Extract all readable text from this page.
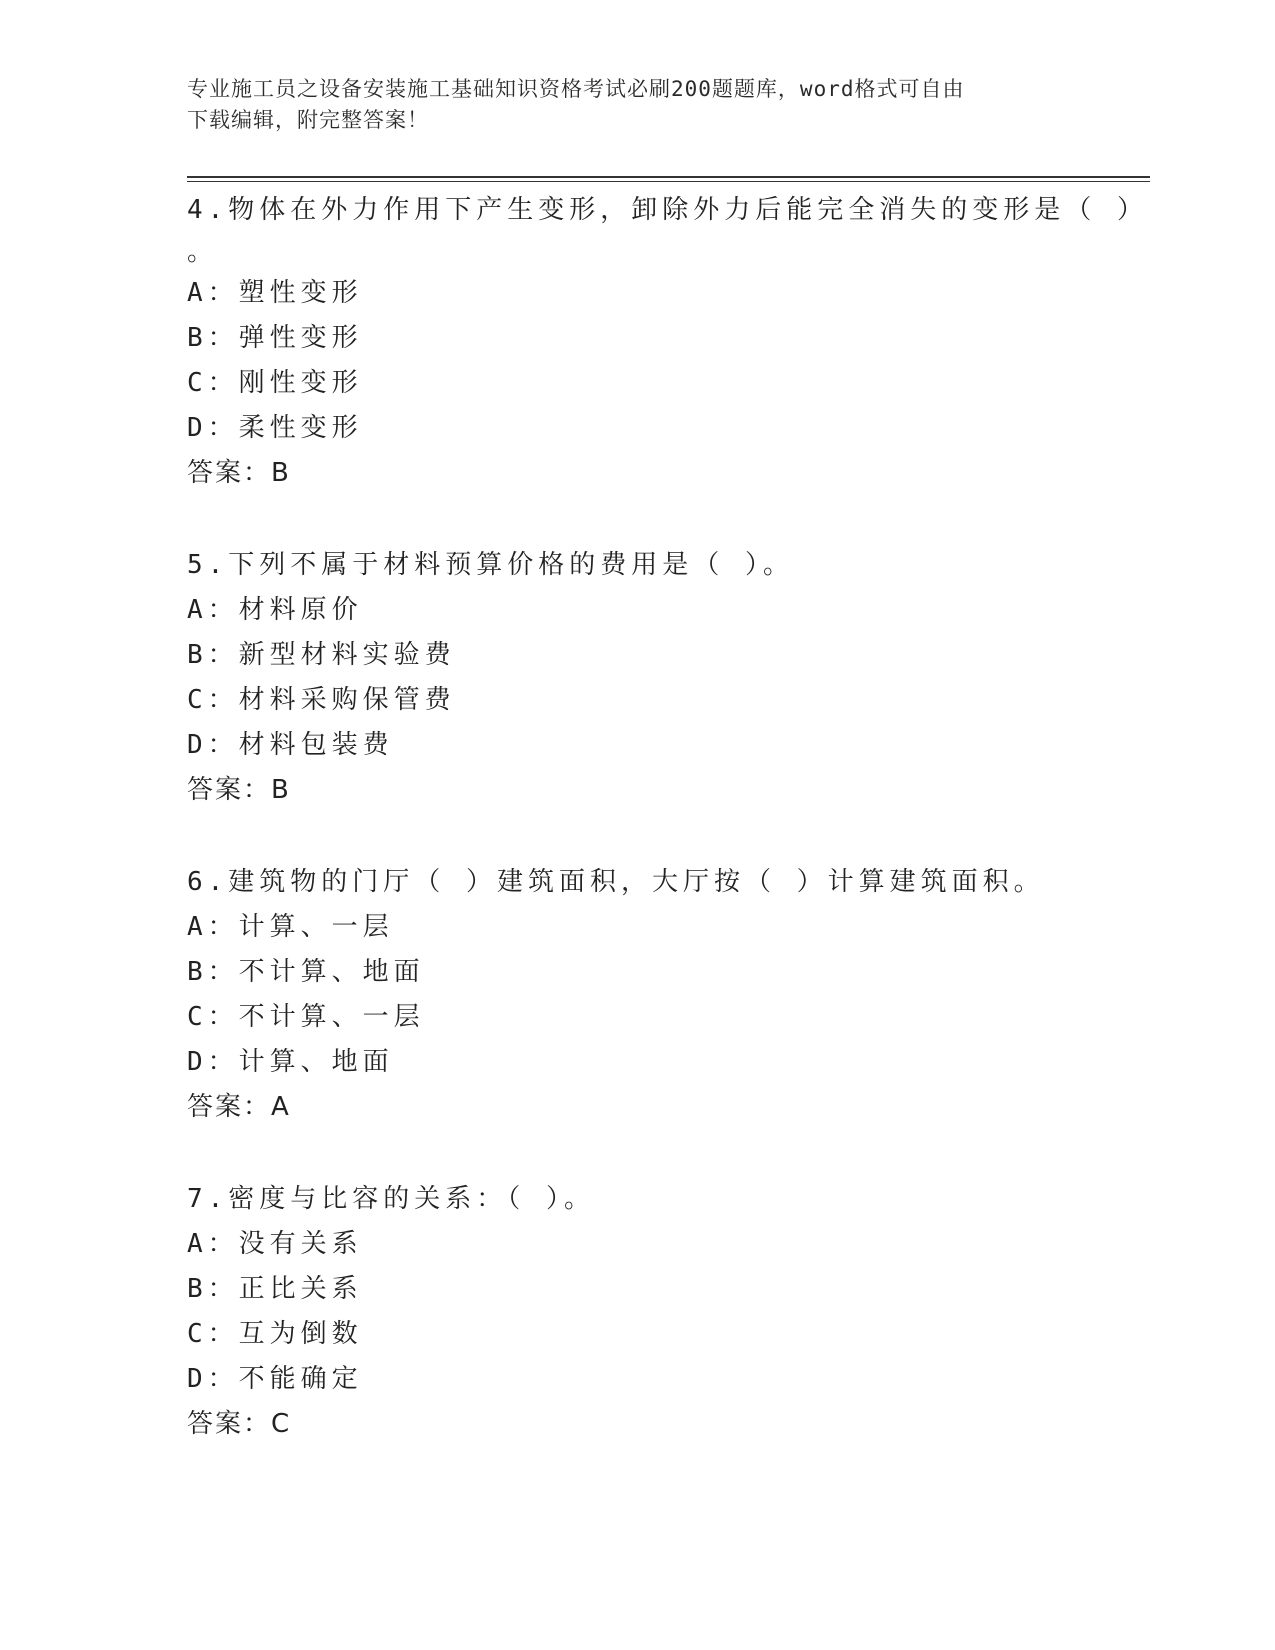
专业施工员之设备安装施工基础知识资格考试必刷200题题库，word格式可自由
下载编辑，附完整答案！

4.物体在外力作用下产生变形，卸除外力后能完全消失的变形是（ ）

。

A：塑性变形

B：弹性变形

C：刚性变形

D：柔性变形

答案：B

5.下列不属于材料预算价格的费用是（ ）。

A：材料原价

B：新型材料实验费

C：材料采购保管费

D：材料包装费

答案：B

6.建筑物的门厅（ ）建筑面积，大厅按（ ）计算建筑面积。

A：计算、一层

B：不计算、地面

C：不计算、一层

D：计算、地面

答案：A

7.密度与比容的关系：（ ）。

A：没有关系

B：正比关系

C：互为倒数

D：不能确定

答案：C
